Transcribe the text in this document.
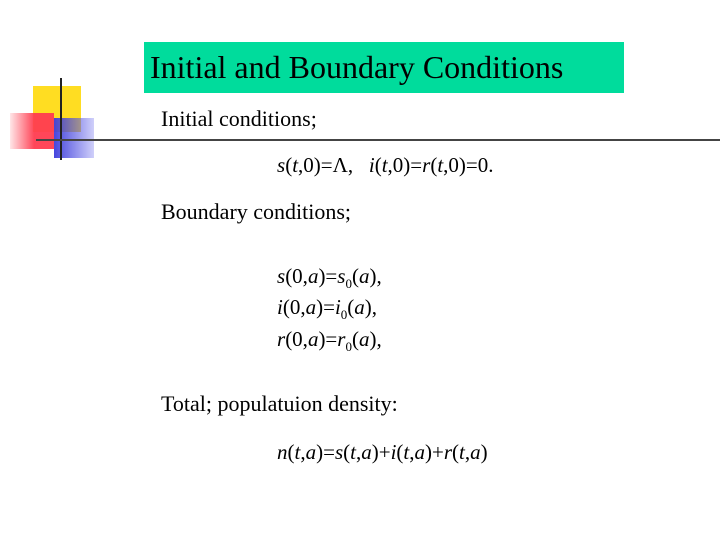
Initial and Boundary Conditions
Initial conditions;
Boundary conditions;
Total; populatuion density:
s(t,0)=Λ,   i(t,0)=r(t,0)=0.
$s(0,a)=s_0(a)$,
$i(0,a)=i_0(a)$,
$r(0,a)=r_0(a)$,
n(t,a)=s(t,a)+i(t,a)+r(t,a)
